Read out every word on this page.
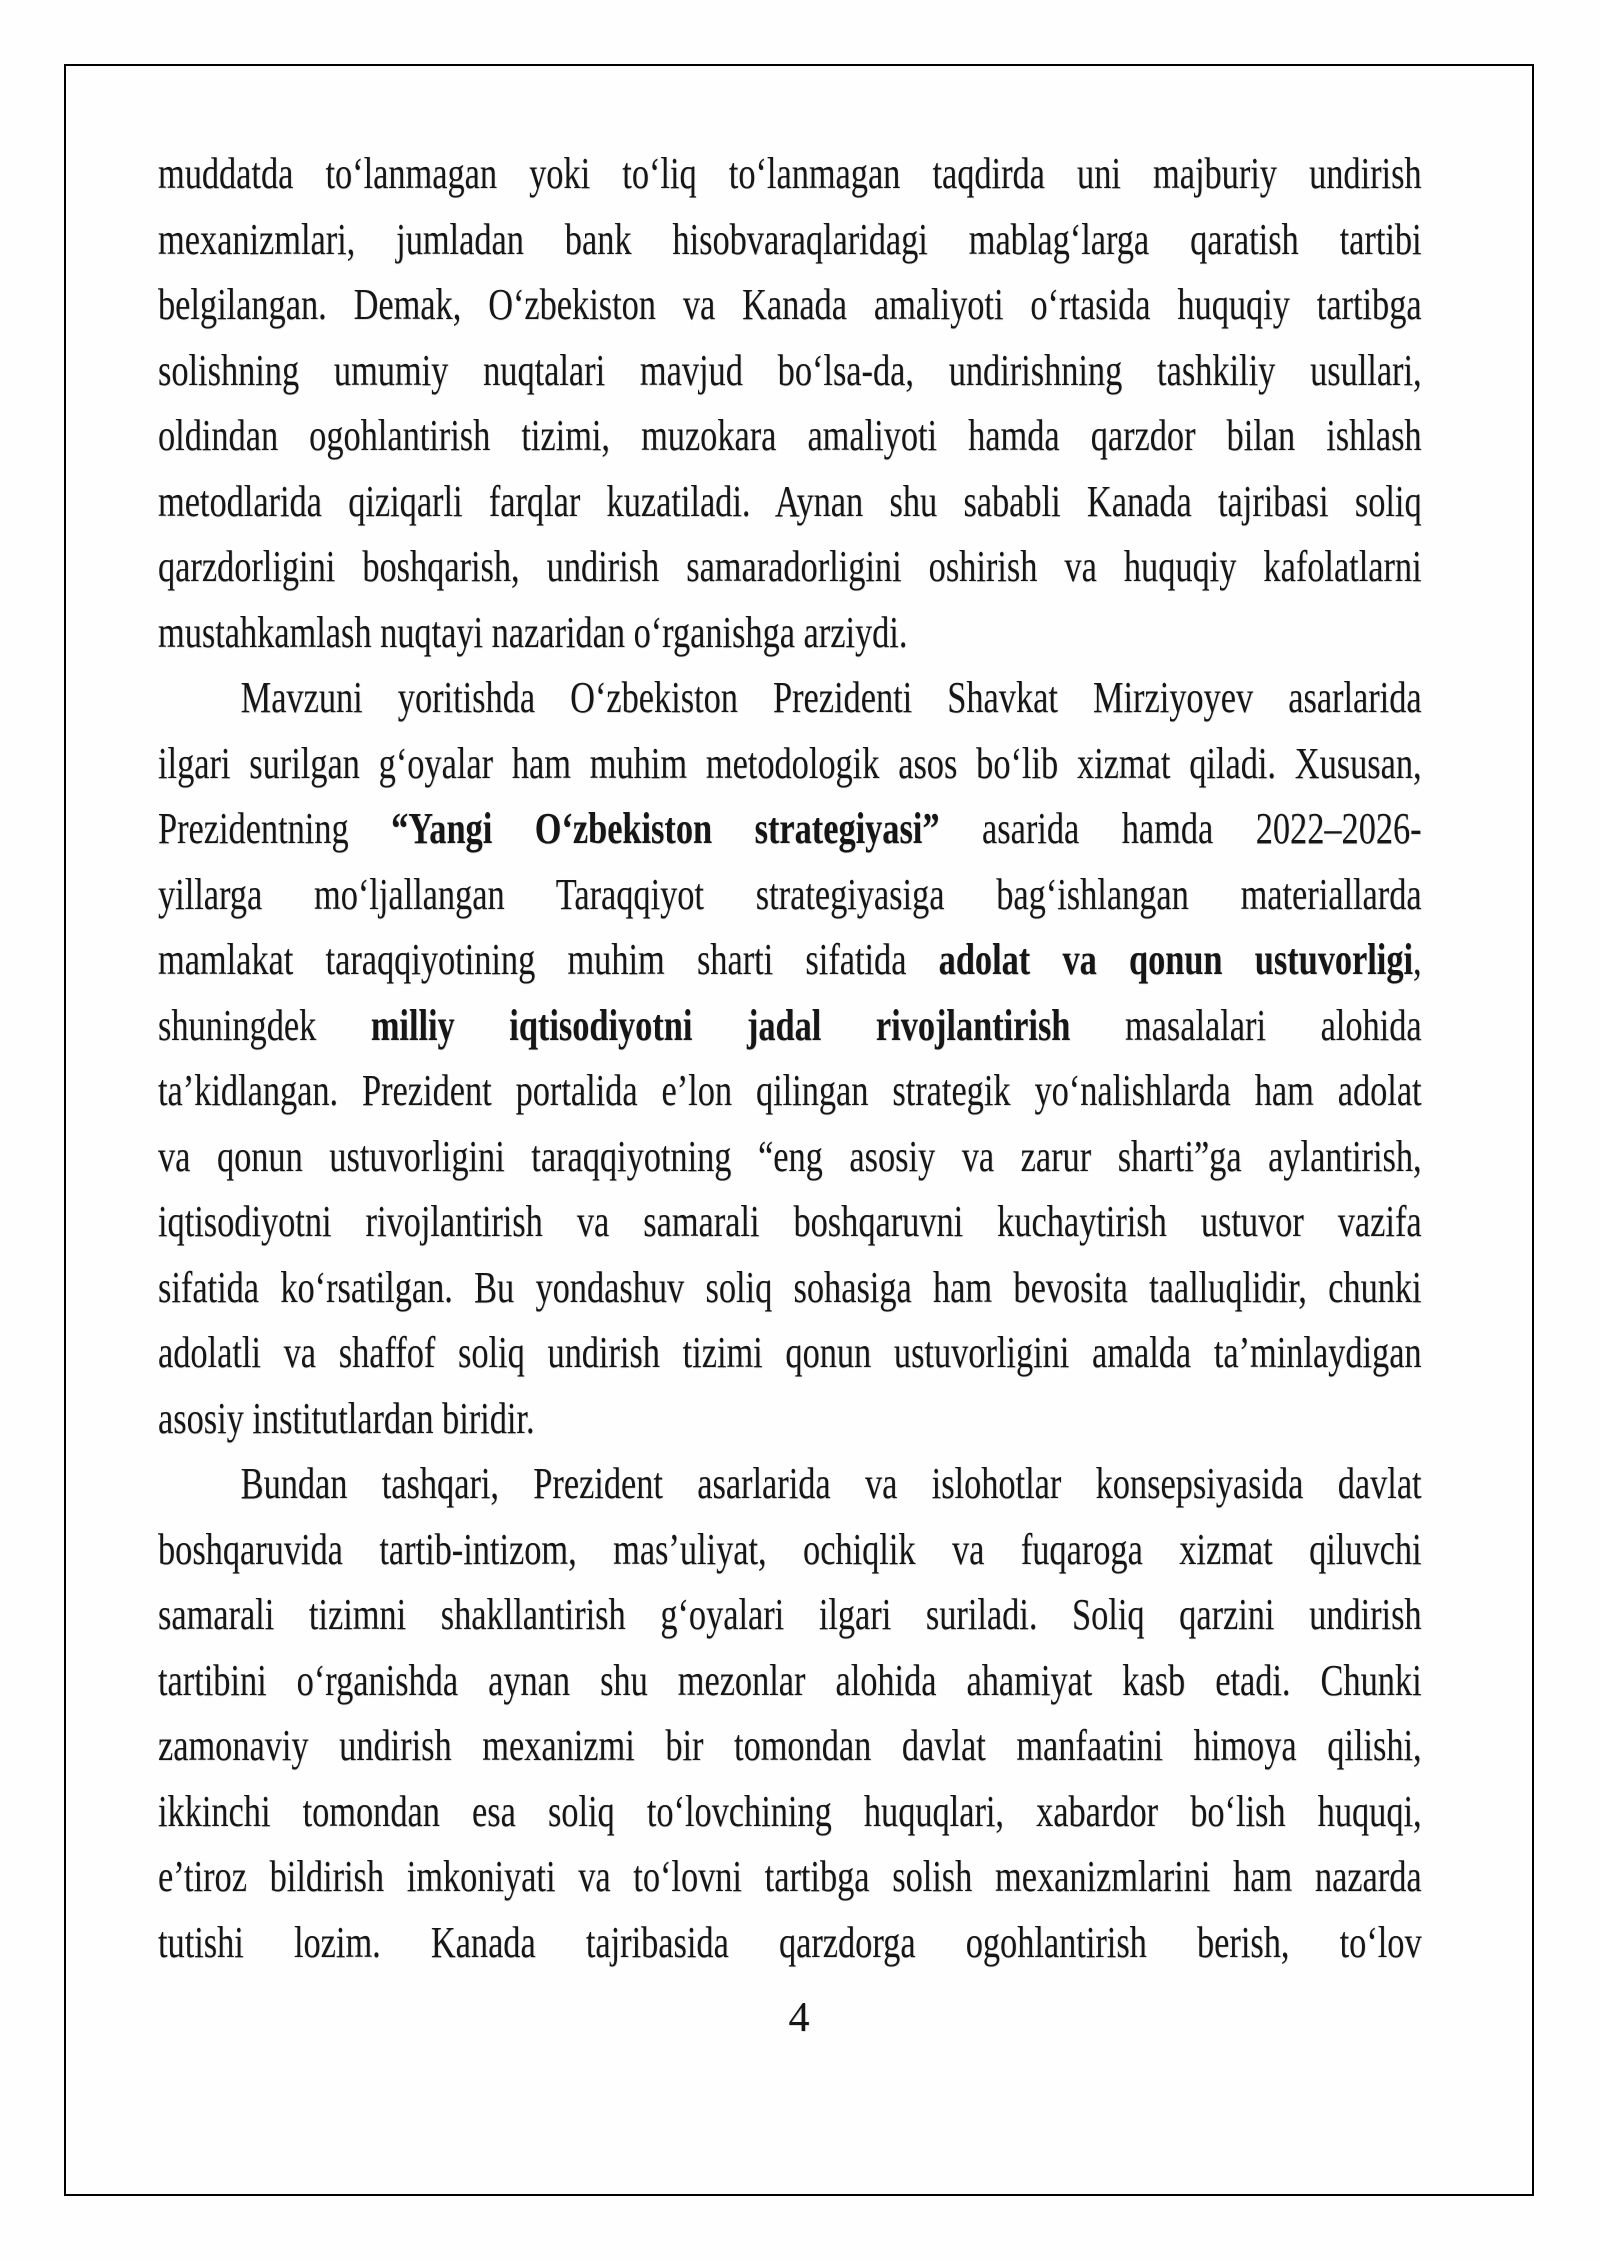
muddatda toʻlanmagan yoki toʻliq toʻlanmagan taqdirda uni majburiy undirish
mexanizmlari, jumladan bank hisobvaraqlaridagi mablagʻlarga qaratish tartibi
belgilangan. Demak, Oʻzbekiston va Kanada amaliyoti oʻrtasida huquqiy tartibga
solishning umumiy nuqtalari mavjud boʻlsa-da, undirishning tashkiliy usullari,
oldindan ogohlantirish tizimi, muzokara amaliyoti hamda qarzdor bilan ishlash
metodlarida qiziqarli farqlar kuzatiladi. Aynan shu sababli Kanada tajribasi soliq
qarzdorligini boshqarish, undirish samaradorligini oshirish va huquqiy kafolatlarni
mustahkamlash nuqtayi nazaridan oʻrganishga arziydi.
Mavzuni yoritishda Oʻzbekiston Prezidenti Shavkat Mirziyoyev asarlarida
ilgari surilgan gʻoyalar ham muhim metodologik asos boʻlib xizmat qiladi. Xususan,
Prezidentning “Yangi Oʻzbekiston strategiyasi” asarida hamda 2022–2026-
yillarga moʻljallangan Taraqqiyot strategiyasiga bagʻishlangan materiallarda
mamlakat taraqqiyotining muhim sharti sifatida adolat va qonun ustuvorligi,
shuningdek milliy iqtisodiyotni jadal rivojlantirish masalalari alohida
ta’kidlangan. Prezident portalida e’lon qilingan strategik yoʻnalishlarda ham adolat
va qonun ustuvorligini taraqqiyotning “eng asosiy va zarur sharti”ga aylantirish,
iqtisodiyotni rivojlantirish va samarali boshqaruvni kuchaytirish ustuvor vazifa
sifatida koʻrsatilgan. Bu yondashuv soliq sohasiga ham bevosita taalluqlidir, chunki
adolatli va shaffof soliq undirish tizimi qonun ustuvorligini amalda ta’minlaydigan
asosiy institutlardan biridir.
Bundan tashqari, Prezident asarlarida va islohotlar konsepsiyasida davlat
boshqaruvida tartib-intizom, mas’uliyat, ochiqlik va fuqaroga xizmat qiluvchi
samarali tizimni shakllantirish gʻoyalari ilgari suriladi. Soliq qarzini undirish
tartibini oʻrganishda aynan shu mezonlar alohida ahamiyat kasb etadi. Chunki
zamonaviy undirish mexanizmi bir tomondan davlat manfaatini himoya qilishi,
ikkinchi tomondan esa soliq toʻlovchining huquqlari, xabardor boʻlish huquqi,
e’tiroz bildirish imkoniyati va toʻlovni tartibga solish mexanizmlarini ham nazarda
tutishi lozim. Kanada tajribasida qarzdorga ogohlantirish berish, toʻlov
4
